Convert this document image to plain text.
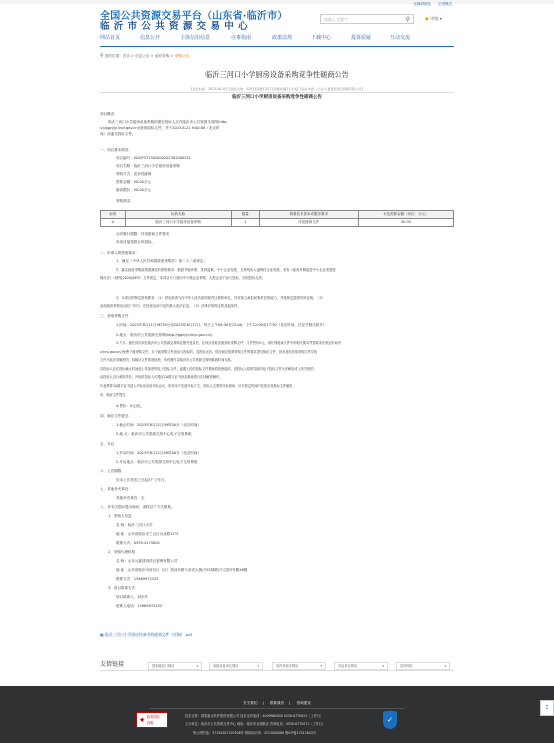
无障碍浏览 长者模式
全国公共资源交易平台（山东省·临沂市）
临 沂 市 公 共 资 源 交 易 中 心
请输入关键字	⚲	● 市级 ▾
网站首页	信息公开	主体信用信息	办事指南	政策法规	下载中心	投诉质疑	互动交流
⚲ 您的位置：首页 > 信息公告 > 政府采购 > 采购公告
临沂三河口小学厨房设备采购竞争性磋商公告
【信息时间：2023-08-10】【阅读次数：529】【我要打印】【我要收藏】【关闭】【信息来源：/山东元嘉建设项目管理有限公司】
临沂三河口小学厨房设备采购竞争性磋商公告
项目概况
临沂三河口小学厨房设备采购的潜在投标人应在临沂市公共资源交易网(http
s://ggzyjy.linyi.gov.cn/)获取招标文件，并于2023-8-21 9:00:00（北京时
间）前递交投标文件。
一、项目基本情况：
项目编号：SDGP371302000202302000251
项目名称：临沂三河口小学厨房设备采购
采购方式：竞争性磋商
预算金额：50.00万元
最高限价：50.00万元
采购需求：
标的	标的名称	数量	简要技术需求或服务要求	本包预算金额（单位：万元）
A	临沂三河口小学厨房设备采购	1	详见磋商文件	50.00
合同履行期限：详见磋商文件要求
本项目接受联合体投标。
二、申请人的资格要求：
1、满足《中华人民共和国政府采购法》第二十二条规定；
2、落实政府采购政策需满足的资格要求：鼓励节能环保、扶持监狱、中小企业发展、支持残疾人福利性企业发展，若有《政府采购促进中小企业发展管
理办法》（财库[2020]46号）文件规定，本项目专门面向中小微企业采购，大型企业不参与投标，否则投标无效。
3、本项目的特定资格要求：（1）供应商须为在中华人民共和国境内注册的单位，具有独立承担民事责任的能力，并按规定提供有效证明。（2）
参加政府采购活动前三年内，在经营活动中没有重大违法记录。（3）法律法规规定的其他条件。
三、获取采购文件
1.时间：2023年8月11日9时30分至2023年8月17日，每天上午08:30至12:00，下午12:00至17:30（北京时间，法定节假日除外）
2.地点：临沂市公共资源交易网(http://ggzyjy.linyi.gov.cn/)
3.方式：潜在供应商在临沂市公共资源交易网注册并登录后，在项目获取页面获取采购文件，文件售价0元，请仔细阅读文件中的相关要求并按要求在规定时间内
y.linyi.gov.cn/)免费下载采购文件，未下载采购文件而参与投标的，其投标无效。供应商应按照采购文件的要求提交响应文件，因未及时获取采购文件导致
文件不能正常解密的，其响应文件将被拒绝，所有操作以临沂市公共资源交易网系统时间为准。
各投标人应在投标截止时间前上传加密的电子投标文件，逾期上传的投标文件系统将拒绝接收，因投标人原因导致的电子投标文件无法解密或上传失败的，
由投标人自行承担责任。开标时投标人可通过CA数字证书登录系统进行在线解密操作。
代表携带CA数字证书进入开标室参加开标会议，如采用不见面开标方式，投标人无需到开标现场，应在规定时间内在线完成投标文件解密。
四、响应文件提交
4.售价：0元/包。
四、响应文件提交：
1.截止时间：2023年8月21日09时00分（北京时间）
2.地 点：临沂市公共资源交易中心电子交易系统
五、开启
1.开启时间：2023年8月21日09时00分（北京时间）
2.开启地点：临沂市公共资源交易中心电子交易系统
六、公告期限
自本公告发布之日起3个工作日。
七、其他补充事宜：
其他补充事宜：无
八、对本次招标提出询问，请按以下方式联系。
1．采购人信息
名 称：临沂三河口小学
地 址：山东省临沂市兰山区兵圣路11号
联系方式：0539-4175802
2．采购代理机构
名 称：山东元嘉建设项目管理有限公司
地 址：山东省临沂市河东区（区）滨河东路与卓亮大街(号环球路)中立院3号楼16楼
联系方式：13969972152
3．项目联系方式
项目联系人：刘东玲
联系人电话：13969972152
▦ 临沂三河口小学厨房设备采购磋商文件（定稿）.pdf
友情链接	国家级部门网站	▾	省级省直单位网站	▾	省内其他市网站	▾	市直单位网站	▾	县内网站	▾
关于我们 | 联系我们 | 咨询建议
★ 政府网站
找错
技术支持：国泰新点软件股份有限公司 技术支持电话：4009980000 0539-8770051（工作日）
主办单位：临沂市公共资源交易中心 地址：临沂市北城新区 咨询电话：0539-8770071（工作日）
鲁公网安备：37130202720308号 网站标识码：3713000080 鲁ICP备17012643号
✓
⇪
